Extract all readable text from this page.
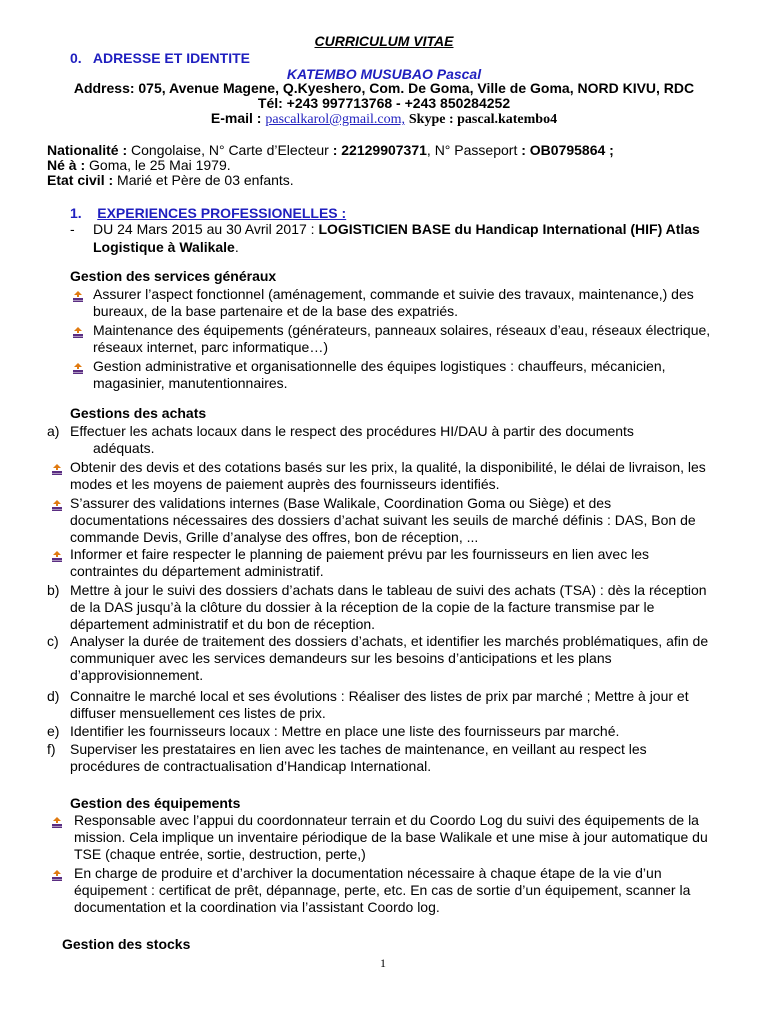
CURRICULUM VITAE
0. ADRESSE ET IDENTITE
KATEMBO MUSUBAO Pascal
Address: 075, Avenue Magene, Q.Kyeshero, Com. De Goma, Ville de Goma, NORD KIVU, RDC
Tél: +243 997713768 - +243 850284252
E-mail : pascalkarol@gmail.com, Skype : pascal.katembo4
Nationalité : Congolaise, N° Carte d’Electeur : 22129907371, N° Passeport : OB0795864 ;
Né à : Goma, le 25 Mai 1979.
Etat civil : Marié et Père de 03 enfants.
1. EXPERIENCES PROFESSIONELLES :
- DU 24 Mars 2015 au 30 Avril 2017 : LOGISTICIEN BASE du Handicap International (HIF) Atlas
Logistique à Walikale.
Gestion des services généraux
Gestions des achats
Gestion des équipements
Gestion des stocks
1
Assurer l’aspect fonctionnel (aménagement, commande et suivie des travaux, maintenance,) des
bureaux, de la base partenaire et de la base des expatriés.
Maintenance des équipements (générateurs, panneaux solaires, réseaux d’eau, réseaux électrique,
réseaux internet, parc informatique…)
Gestion administrative et organisationnelle des équipes logistiques : chauffeurs, mécanicien,
magasinier, manutentionnaires.
a) Effectuer les achats locaux dans le respect des procédures HI/DAU à partir des documents
adéquats.
Obtenir des devis et des cotations basés sur les prix, la qualité, la disponibilité, le délai de livraison, les
modes et les moyens de paiement auprès des fournisseurs identifiés.
S’assurer des validations internes (Base Walikale, Coordination Goma ou Siège) et des
documentations nécessaires des dossiers d’achat suivant les seuils de marché définis : DAS, Bon de
commande Devis, Grille d’analyse des offres, bon de réception, ...
Informer et faire respecter le planning de paiement prévu par les fournisseurs en lien avec les
contraintes du département administratif.
b) Mettre à jour le suivi des dossiers d’achats dans le tableau de suivi des achats (TSA) : dès la réception
de la DAS jusqu’à la clôture du dossier à la réception de la copie de la facture transmise par le
département administratif et du bon de réception.
c) Analyser la durée de traitement des dossiers d’achats, et identifier les marchés problématiques, afin de
communiquer avec les services demandeurs sur les besoins d’anticipations et les plans
d’approvisionnement.
d) Connaitre le marché local et ses évolutions : Réaliser des listes de prix par marché ; Mettre à jour et
diffuser mensuellement ces listes de prix.
e) Identifier les fournisseurs locaux : Mettre en place une liste des fournisseurs par marché.
f) Superviser les prestataires en lien avec les taches de maintenance, en veillant au respect les
procédures de contractualisation d’Handicap International.
Responsable avec l’appui du coordonnateur terrain et du Coordo Log du suivi des équipements de la
mission. Cela implique un inventaire périodique de la base Walikale et une mise à jour automatique du
TSE (chaque entrée, sortie, destruction, perte,)
En charge de produire et d’archiver la documentation nécessaire à chaque étape de la vie d’un
équipement : certificat de prêt, dépannage, perte, etc. En cas de sortie d’un équipement, scanner la
documentation et la coordination via l’assistant Coordo log.
